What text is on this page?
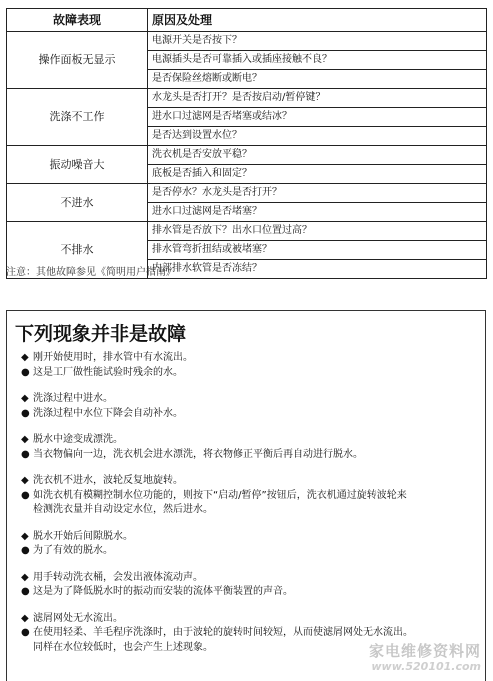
故障表现	原因及处理
操作面板无显示	电源开关是否按下？
	电源插头是否可靠插入或插座接触不良？
	是否保险丝熔断或断电？
洗涤不工作	水龙头是否打开？是否按启动/暂停键？
	进水口过滤网是否堵塞或结冰？
	是否达到设置水位？
振动噪音大	洗衣机是否安放平稳？
	底板是否插入和固定？
不进水	是否停水？水龙头是否打开？
	进水口过滤网是否堵塞？
不排水	排水管是否放下？出水口位置过高？
	排水管弯折扭结或被堵塞？
	内部排水软管是否冻结？
注意：其他故障参见《简明用户指南》
下列现象并非是故障
◆ 刚开始使用时，排水管中有水流出。
● 这是工厂做性能试验时残余的水。
◆ 洗涤过程中进水。
● 洗涤过程中水位下降会自动补水。
◆ 脱水中途变成漂洗。
● 当衣物偏向一边，洗衣机会进水漂洗，将衣物修正平衡后再自动进行脱水。
◆ 洗衣机不进水，波轮反复地旋转。
● 如洗衣机有模糊控制水位功能的，则按下“启动/暂停”按钮后，洗衣机通过旋转波轮来
检测洗衣量并自动设定水位，然后进水。
◆ 脱水开始后间隙脱水。
● 为了有效的脱水。
◆ 用手转动洗衣桶，会发出液体流动声。
● 这是为了降低脱水时的振动而安装的流体平衡装置的声音。
◆ 滤屑网处无水流出。
● 在使用轻柔、羊毛程序洗涤时，由于波轮的旋转时间较短，从而使滤屑网处无水流出。
同样在水位较低时，也会产生上述现象。	家电维修资料网
www.520101.com
